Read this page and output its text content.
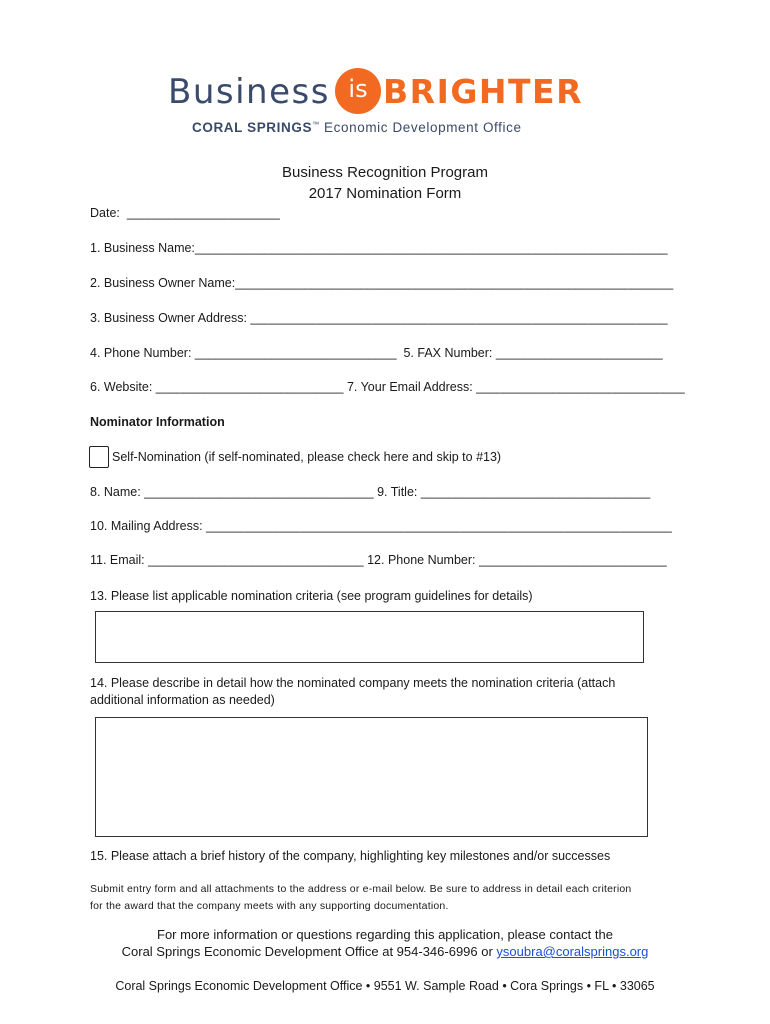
Business is BRIGHTER
CORAL SPRINGS™ Economic Development Office
Business Recognition Program
2017 Nomination Form
Date:  ______________________
1. Business Name:____________________________________________________________________
2. Business Owner Name:_______________________________________________________________
3. Business Owner Address: ____________________________________________________________
4. Phone Number: _____________________________  5. FAX Number: ________________________
6. Website: ___________________________ 7. Your Email Address: ______________________________
Nominator Information
Self-Nomination (if self-nominated, please check here and skip to #13)
8. Name: _________________________________ 9. Title: _________________________________
10. Mailing Address: ___________________________________________________________________
11. Email: _______________________________ 12. Phone Number: ___________________________
13. Please list applicable nomination criteria (see program guidelines for details)
14. Please describe in detail how the nominated company meets the nomination criteria (attach
additional information as needed)
15. Please attach a brief history of the company, highlighting key milestones and/or successes
Submit entry form and all attachments to the address or e-mail below. Be sure to address in detail each criterion
for the award that the company meets with any supporting documentation.
For more information or questions regarding this application, please contact the
Coral Springs Economic Development Office at 954-346-6996 or ysoubra@coralsprings.org
Coral Springs Economic Development Office • 9551 W. Sample Road • Cora Springs • FL • 33065
